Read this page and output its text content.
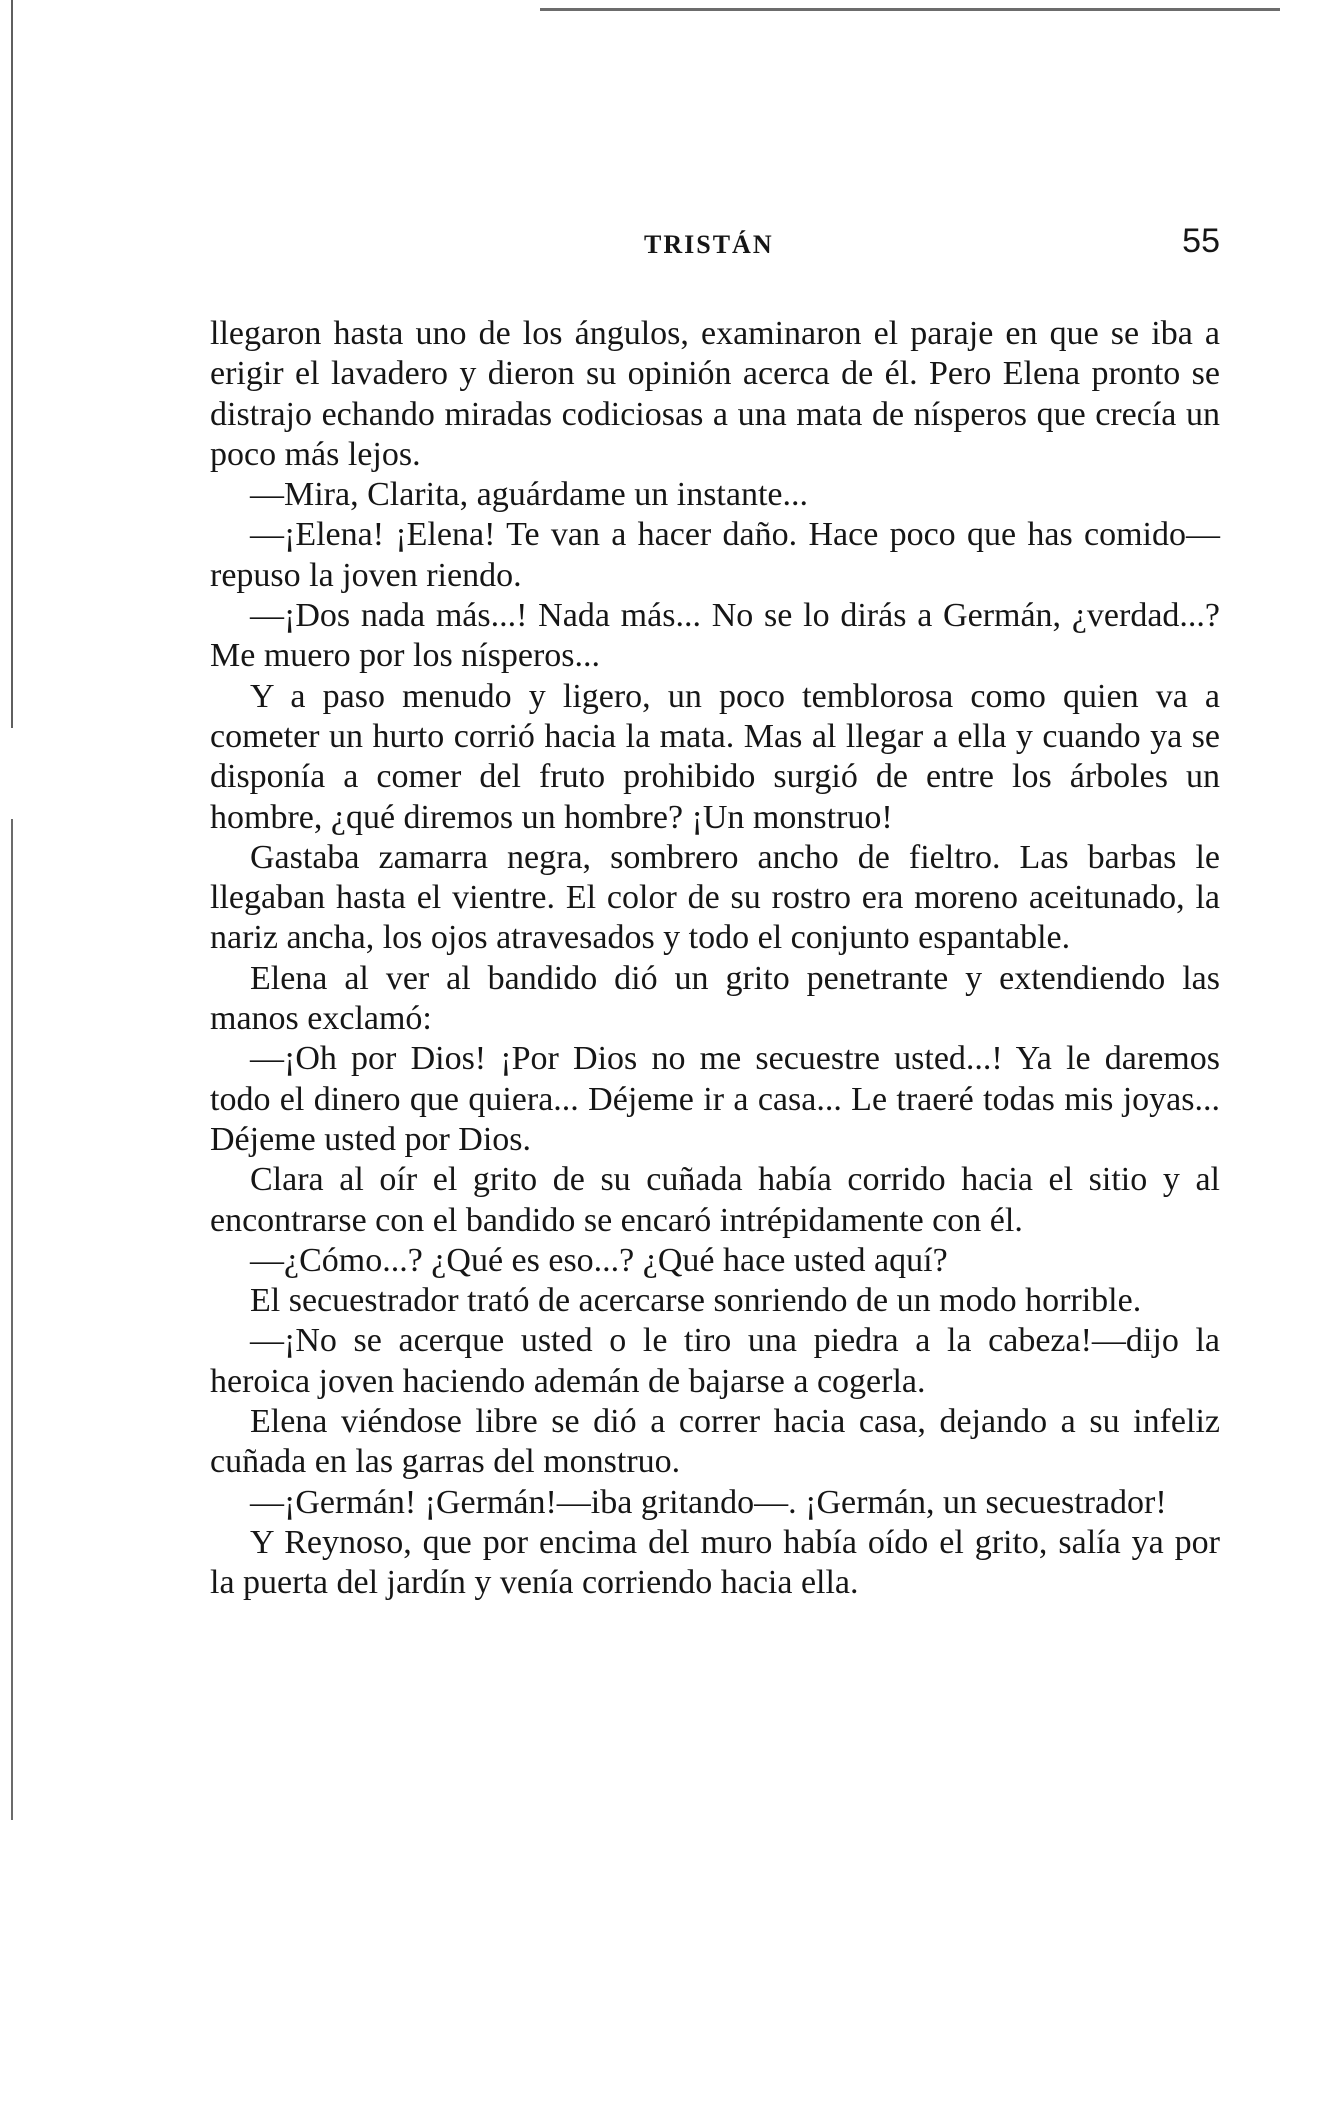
TRISTÁN	55

llegaron hasta uno de los ángulos, examinaron el paraje en que se iba a erigir el lavadero y dieron su opinión acerca de él. Pero Elena pronto se distrajo echando miradas codiciosas a una mata de nísperos que crecía un poco más lejos.

—Mira, Clarita, aguárdame un instante...

—¡Elena! ¡Elena! Te van a hacer daño. Hace poco que has comido—repuso la joven riendo.

—¡Dos nada más...! Nada más... No se lo dirás a Germán, ¿verdad...? Me muero por los nísperos...

Y a paso menudo y ligero, un poco temblorosa como quien va a cometer un hurto corrió hacia la mata. Mas al llegar a ella y cuando ya se disponía a comer del fruto prohibido surgió de entre los árboles un hombre, ¿qué diremos un hombre? ¡Un monstruo!

Gastaba zamarra negra, sombrero ancho de fieltro. Las barbas le llegaban hasta el vientre. El color de su rostro era moreno aceitunado, la nariz ancha, los ojos atravesados y todo el conjunto espantable.

Elena al ver al bandido dió un grito penetrante y extendiendo las manos exclamó:

—¡Oh por Dios! ¡Por Dios no me secuestre usted...! Ya le daremos todo el dinero que quiera... Déjeme ir a casa... Le traeré todas mis joyas... Déjeme usted por Dios.

Clara al oír el grito de su cuñada había corrido hacia el sitio y al encontrarse con el bandido se encaró intrépidamente con él.

—¿Cómo...? ¿Qué es eso...? ¿Qué hace usted aquí?

El secuestrador trató de acercarse sonriendo de un modo horrible.

—¡No se acerque usted o le tiro una piedra a la cabeza!—dijo la heroica joven haciendo ademán de bajarse a cogerla.

Elena viéndose libre se dió a correr hacia casa, dejando a su infeliz cuñada en las garras del monstruo.

—¡Germán! ¡Germán!—iba gritando—. ¡Germán, un secuestrador!

Y Reynoso, que por encima del muro había oído el grito, salía ya por la puerta del jardín y venía corriendo hacia ella.
